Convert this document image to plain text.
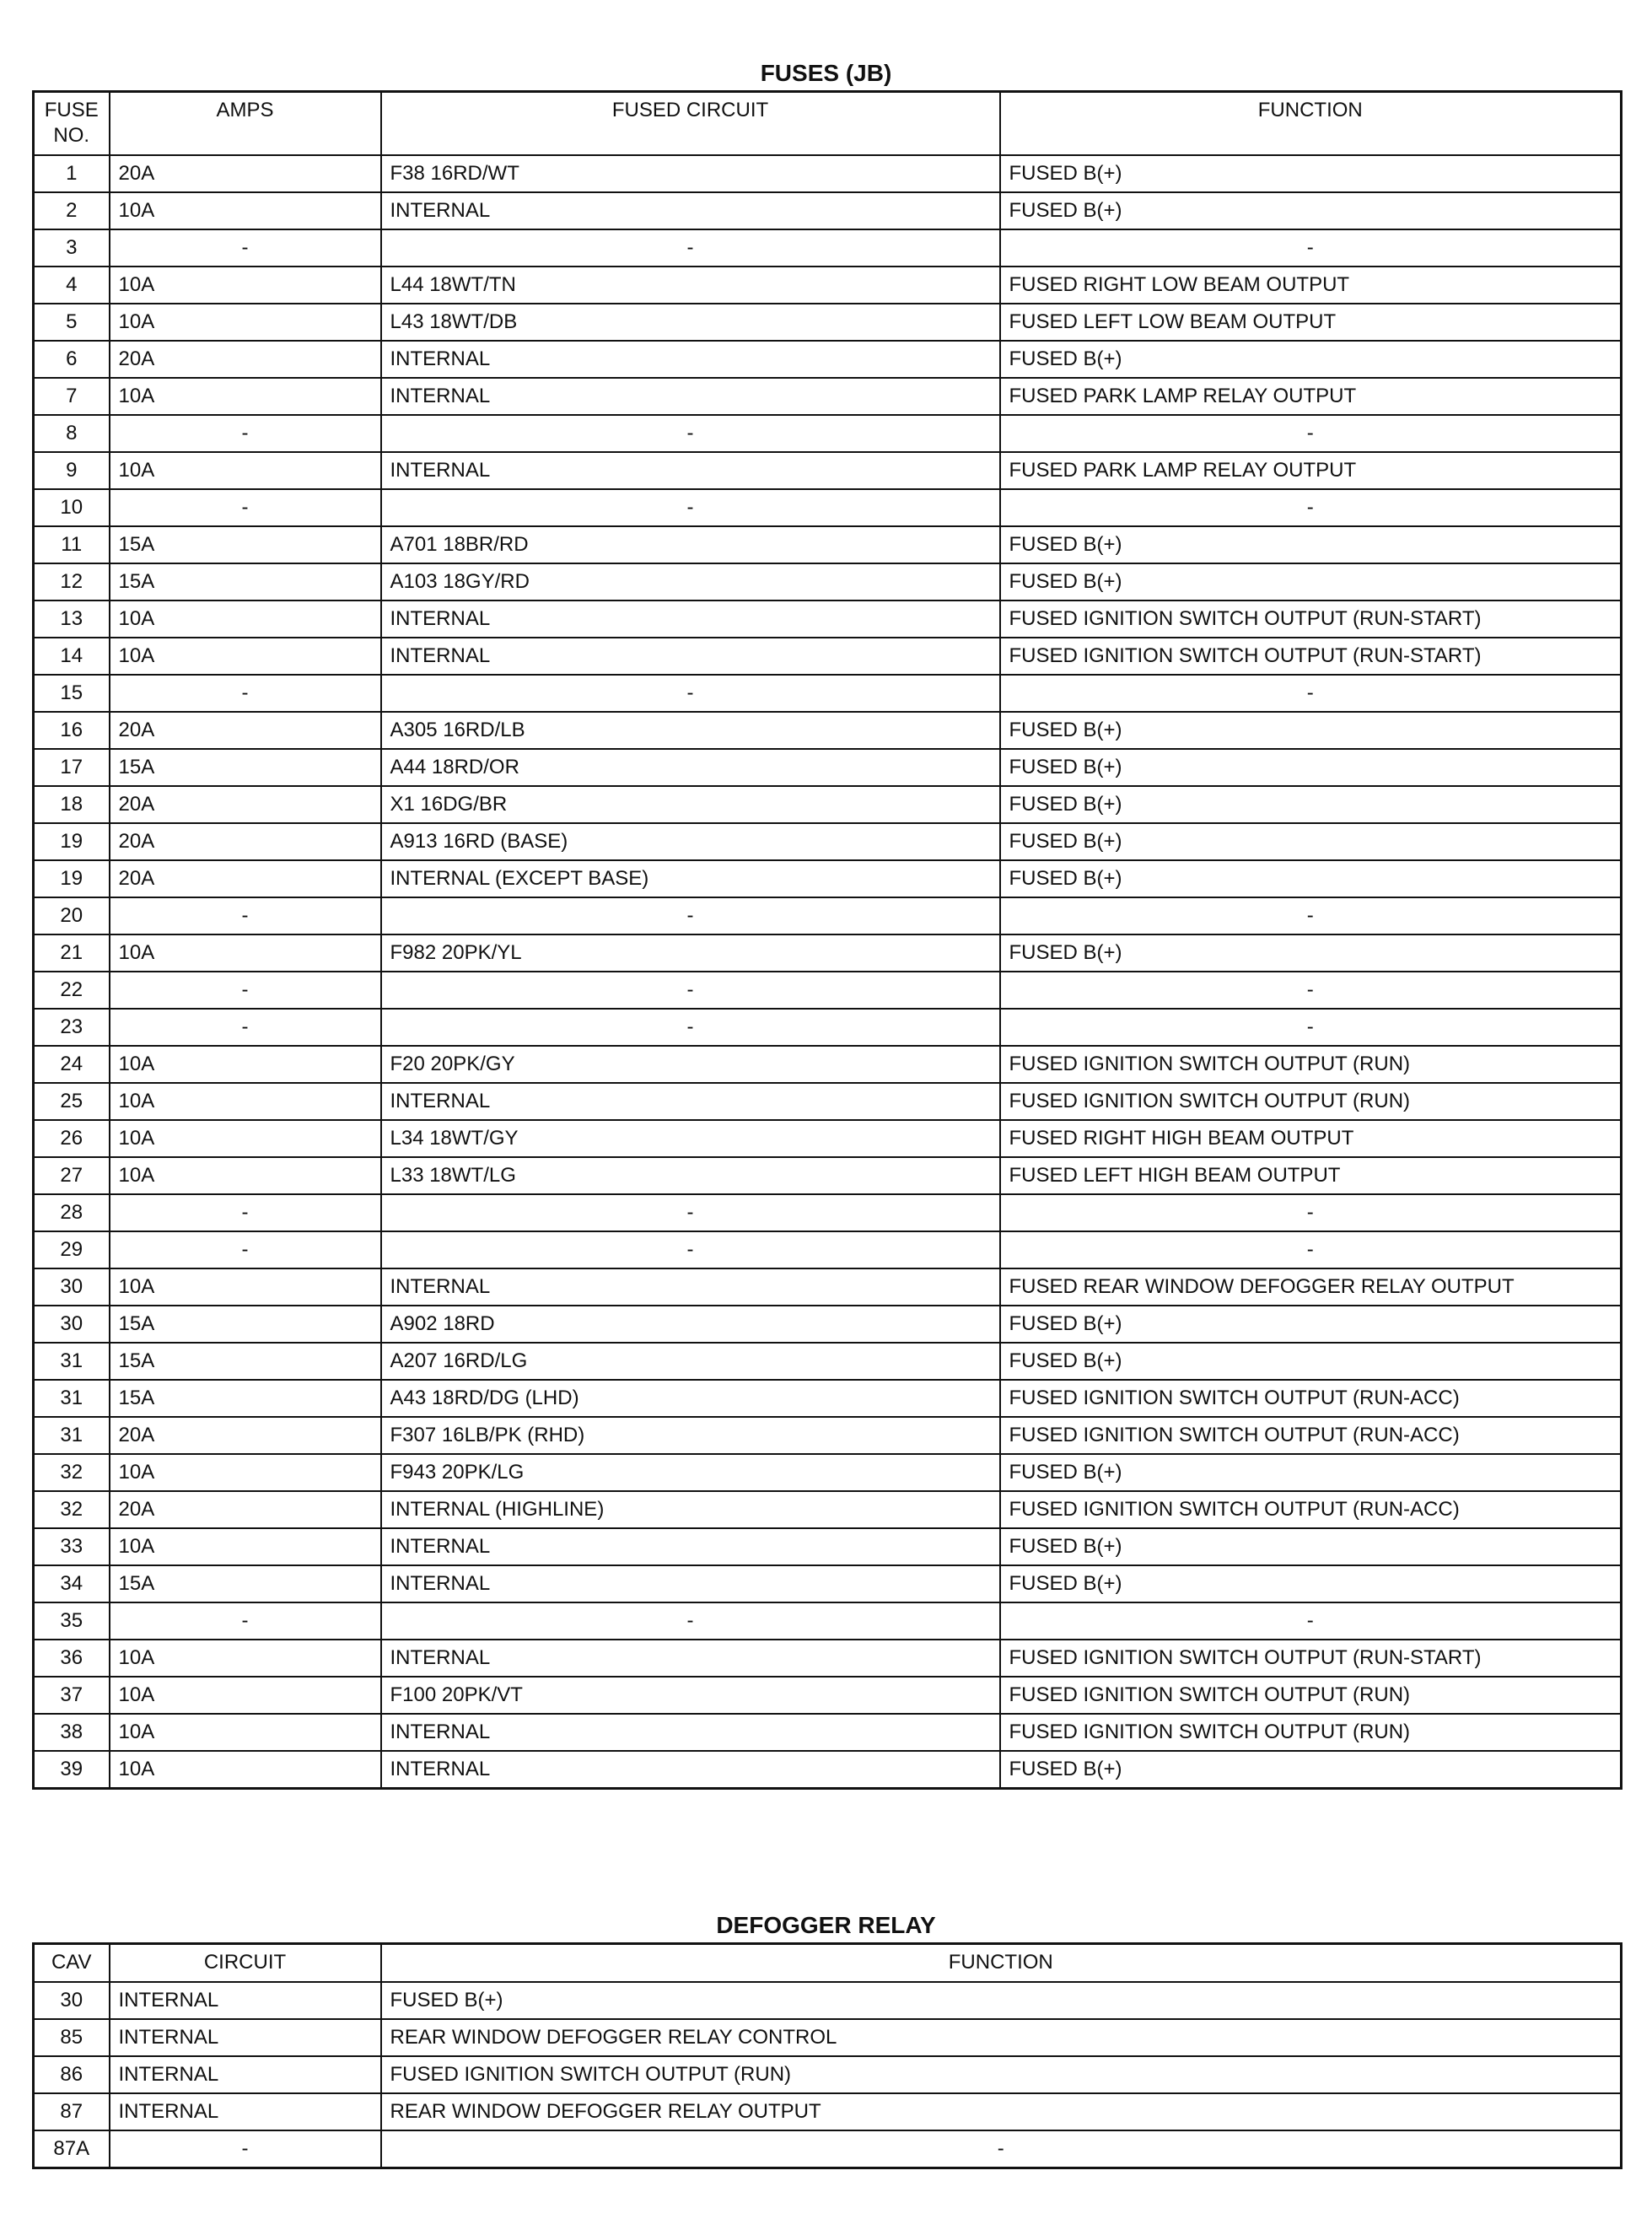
FUSES (JB)
FUSE NO.	AMPS	FUSED CIRCUIT	FUNCTION
1	20A	F38 16RD/WT	FUSED B(+)
2	10A	INTERNAL	FUSED B(+)
3	-	-	-
4	10A	L44 18WT/TN	FUSED RIGHT LOW BEAM OUTPUT
5	10A	L43 18WT/DB	FUSED LEFT LOW BEAM OUTPUT
6	20A	INTERNAL	FUSED B(+)
7	10A	INTERNAL	FUSED PARK LAMP RELAY OUTPUT
8	-	-	-
9	10A	INTERNAL	FUSED PARK LAMP RELAY OUTPUT
10	-	-	-
11	15A	A701 18BR/RD	FUSED B(+)
12	15A	A103 18GY/RD	FUSED B(+)
13	10A	INTERNAL	FUSED IGNITION SWITCH OUTPUT (RUN-START)
14	10A	INTERNAL	FUSED IGNITION SWITCH OUTPUT (RUN-START)
15	-	-	-
16	20A	A305 16RD/LB	FUSED B(+)
17	15A	A44 18RD/OR	FUSED B(+)
18	20A	X1 16DG/BR	FUSED B(+)
19	20A	A913 16RD (BASE)	FUSED B(+)
19	20A	INTERNAL (EXCEPT BASE)	FUSED B(+)
20	-	-	-
21	10A	F982 20PK/YL	FUSED B(+)
22	-	-	-
23	-	-	-
24	10A	F20 20PK/GY	FUSED IGNITION SWITCH OUTPUT (RUN)
25	10A	INTERNAL	FUSED IGNITION SWITCH OUTPUT (RUN)
26	10A	L34 18WT/GY	FUSED RIGHT HIGH BEAM OUTPUT
27	10A	L33 18WT/LG	FUSED LEFT HIGH BEAM OUTPUT
28	-	-	-
29	-	-	-
30	10A	INTERNAL	FUSED REAR WINDOW DEFOGGER RELAY OUTPUT
30	15A	A902 18RD	FUSED B(+)
31	15A	A207 16RD/LG	FUSED B(+)
31	15A	A43 18RD/DG (LHD)	FUSED IGNITION SWITCH OUTPUT (RUN-ACC)
31	20A	F307 16LB/PK (RHD)	FUSED IGNITION SWITCH OUTPUT (RUN-ACC)
32	10A	F943 20PK/LG	FUSED B(+)
32	20A	INTERNAL (HIGHLINE)	FUSED IGNITION SWITCH OUTPUT (RUN-ACC)
33	10A	INTERNAL	FUSED B(+)
34	15A	INTERNAL	FUSED B(+)
35	-	-	-
36	10A	INTERNAL	FUSED IGNITION SWITCH OUTPUT (RUN-START)
37	10A	F100 20PK/VT	FUSED IGNITION SWITCH OUTPUT (RUN)
38	10A	INTERNAL	FUSED IGNITION SWITCH OUTPUT (RUN)
39	10A	INTERNAL	FUSED B(+)
DEFOGGER RELAY
CAV	CIRCUIT	FUNCTION
30	INTERNAL	FUSED B(+)
85	INTERNAL	REAR WINDOW DEFOGGER RELAY CONTROL
86	INTERNAL	FUSED IGNITION SWITCH OUTPUT (RUN)
87	INTERNAL	REAR WINDOW DEFOGGER RELAY OUTPUT
87A	-	-
